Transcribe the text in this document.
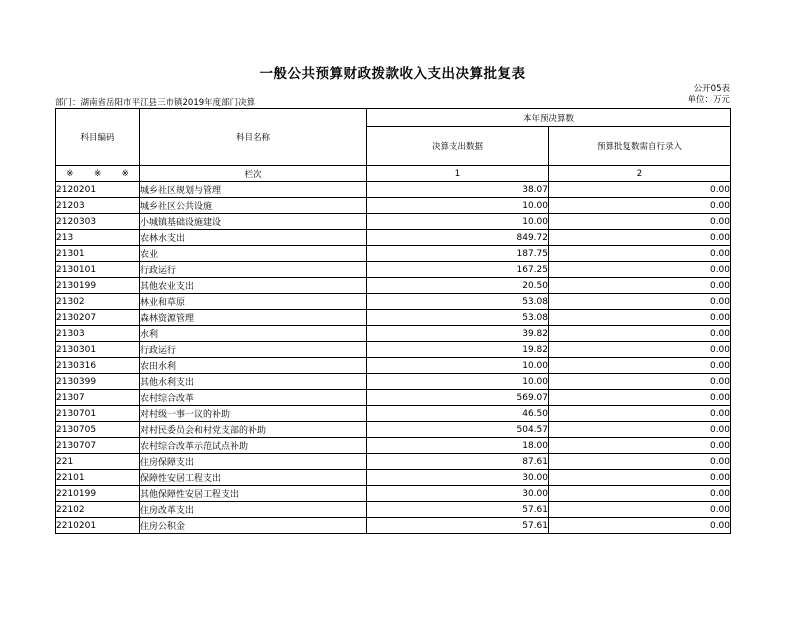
一般公共预算财政拨款收入支出决算批复表
公开05表
单位：万元
部门：湖南省岳阳市平江县三市镇2019年度部门决算
科目编码	科目名称	本年预决算数	
		决算支出数据	预算批复数需自行录入

※ ※ ※	栏次	1	2
2120201	城乡社区规划与管理	38.07	0.00
21203	城乡社区公共设施	10.00	0.00
2120303	小城镇基础设施建设	10.00	0.00
213	农林水支出	849.72	0.00
21301	农业	187.75	0.00
2130101	行政运行	167.25	0.00
2130199	其他农业支出	20.50	0.00
21302	林业和草原	53.08	0.00
2130207	森林资源管理	53.08	0.00
21303	水利	39.82	0.00
2130301	行政运行	19.82	0.00
2130316	农田水利	10.00	0.00
2130399	其他水利支出	10.00	0.00
21307	农村综合改革	569.07	0.00
2130701	对村级一事一议的补助	46.50	0.00
2130705	对村民委员会和村党支部的补助	504.57	0.00
2130707	农村综合改革示范试点补助	18.00	0.00
221	住房保障支出	87.61	0.00
22101	保障性安居工程支出	30.00	0.00
2210199	其他保障性安居工程支出	30.00	0.00
22102	住房改革支出	57.61	0.00
2210201	住房公积金	57.61	0.00
